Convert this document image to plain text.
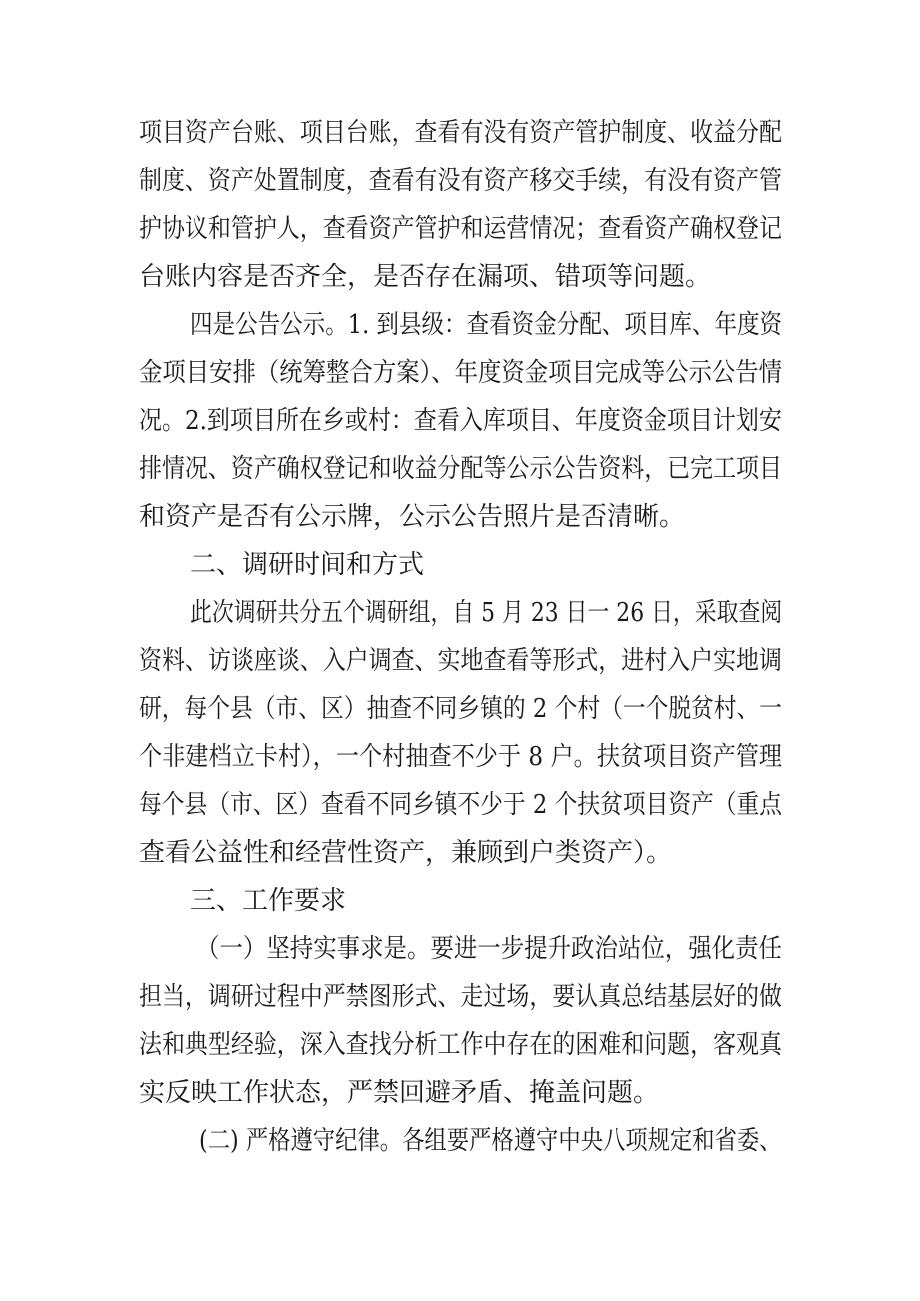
项目资产台账、项目台账，查看有没有资产管护制度、收益分配
制度、资产处置制度，查看有没有资产移交手续，有没有资产管
护协议和管护人，查看资产管护和运营情况；查看资产确权登记
台账内容是否齐全，是否存在漏项、错项等问题。
四是公告公示。1. 到县级：查看资金分配、项目库、年度资
金项目安排（统筹整合方案）、年度资金项目完成等公示公告情
况。2.到项目所在乡或村：查看入库项目、年度资金项目计划安
排情况、资产确权登记和收益分配等公示公告资料，已完工项目
和资产是否有公示牌，公示公告照片是否清晰。
二、调研时间和方式
此次调研共分五个调研组，自 5 月 23 日一 26 日，采取查阅
资料、访谈座谈、入户调查、实地查看等形式，进村入户实地调
研，每个县（市、区）抽查不同乡镇的 2 个村（一个脱贫村、一
个非建档立卡村），一个村抽查不少于 8 户。扶贫项目资产管理
每个县（市、区）查看不同乡镇不少于 2 个扶贫项目资产（重点
查看公益性和经营性资产，兼顾到户类资产）。
三、工作要求
（一）坚持实事求是。要进一步提升政治站位，强化责任
担当，调研过程中严禁图形式、走过场，要认真总结基层好的做
法和典型经验，深入查找分析工作中存在的困难和问题，客观真
实反映工作状态，严禁回避矛盾、掩盖问题。
(二) 严格遵守纪律。各组要严格遵守中央八项规定和省委、
